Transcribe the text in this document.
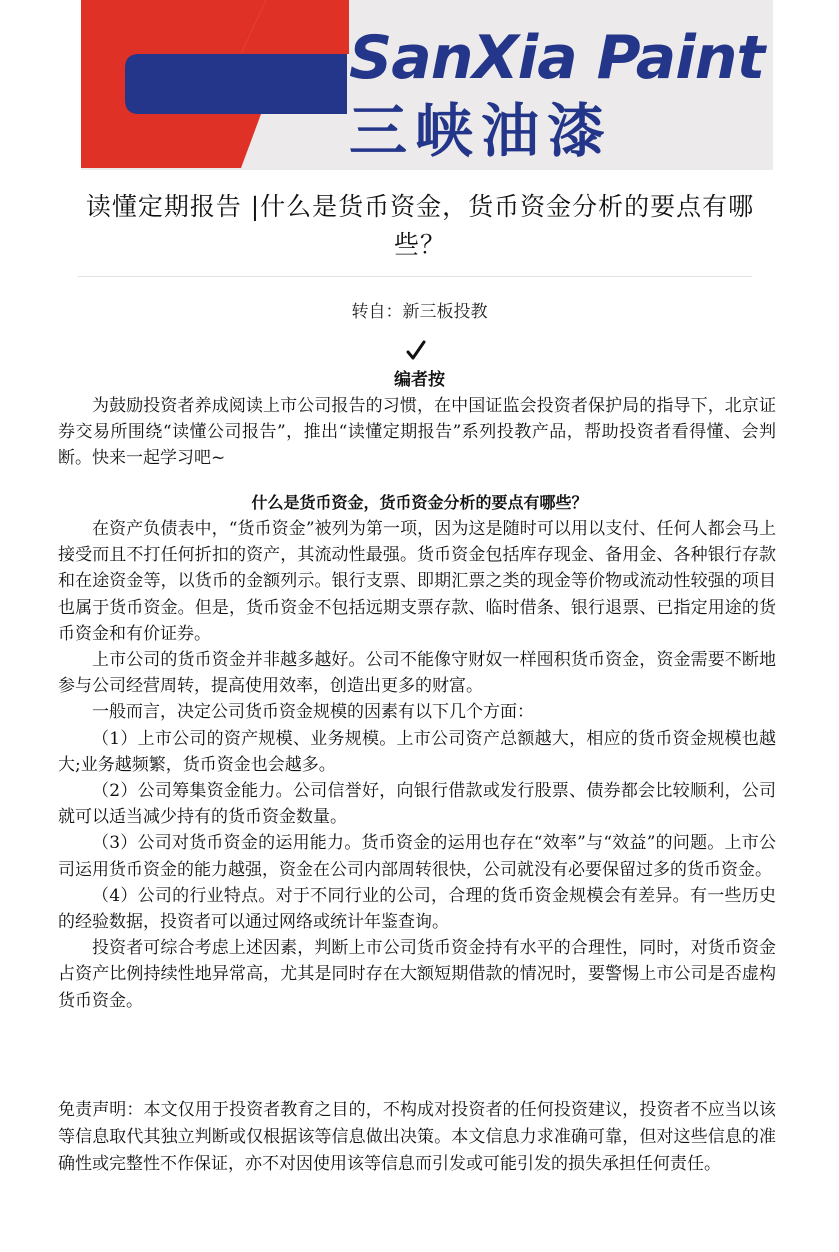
SanXia Paint
三峡油漆
读懂定期报告 |什么是货币资金，货币资金分析的要点有哪些？
转自：新三板投教
编者按

为鼓励投资者养成阅读上市公司报告的习惯，在中国证监会投资者保护局的指导下，北京证券交易所围绕“读懂公司报告”，推出“读懂定期报告”系列投教产品，帮助投资者看得懂、会判断。快来一起学习吧~

什么是货币资金，货币资金分析的要点有哪些？

在资产负债表中，“货币资金”被列为第一项，因为这是随时可以用以支付、任何人都会马上接受而且不打任何折扣的资产，其流动性最强。货币资金包括库存现金、备用金、各种银行存款和在途资金等，以货币的金额列示。银行支票、即期汇票之类的现金等价物或流动性较强的项目也属于货币资金。但是，货币资金不包括远期支票存款、临时借条、银行退票、已指定用途的货币资金和有价证券。

上市公司的货币资金并非越多越好。公司不能像守财奴一样囤积货币资金，资金需要不断地参与公司经营周转，提高使用效率，创造出更多的财富。

一般而言，决定公司货币资金规模的因素有以下几个方面：

（1）上市公司的资产规模、业务规模。上市公司资产总额越大，相应的货币资金规模也越大;业务越频繁，货币资金也会越多。

（2）公司筹集资金能力。公司信誉好，向银行借款或发行股票、债券都会比较顺利，公司就可以适当减少持有的货币资金数量。

（3）公司对货币资金的运用能力。货币资金的运用也存在“效率”与“效益”的问题。上市公司运用货币资金的能力越强，资金在公司内部周转很快，公司就没有必要保留过多的货币资金。

（4）公司的行业特点。对于不同行业的公司，合理的货币资金规模会有差异。有一些历史的经验数据，投资者可以通过网络或统计年鉴查询。

投资者可综合考虑上述因素，判断上市公司货币资金持有水平的合理性，同时，对货币资金占资产比例持续性地异常高，尤其是同时存在大额短期借款的情况时，要警惕上市公司是否虚构货币资金。

免责声明：本文仅用于投资者教育之目的，不构成对投资者的任何投资建议，投资者不应当以该等信息取代其独立判断或仅根据该等信息做出决策。本文信息力求准确可靠，但对这些信息的准确性或完整性不作保证，亦不对因使用该等信息而引发或可能引发的损失承担任何责任。
